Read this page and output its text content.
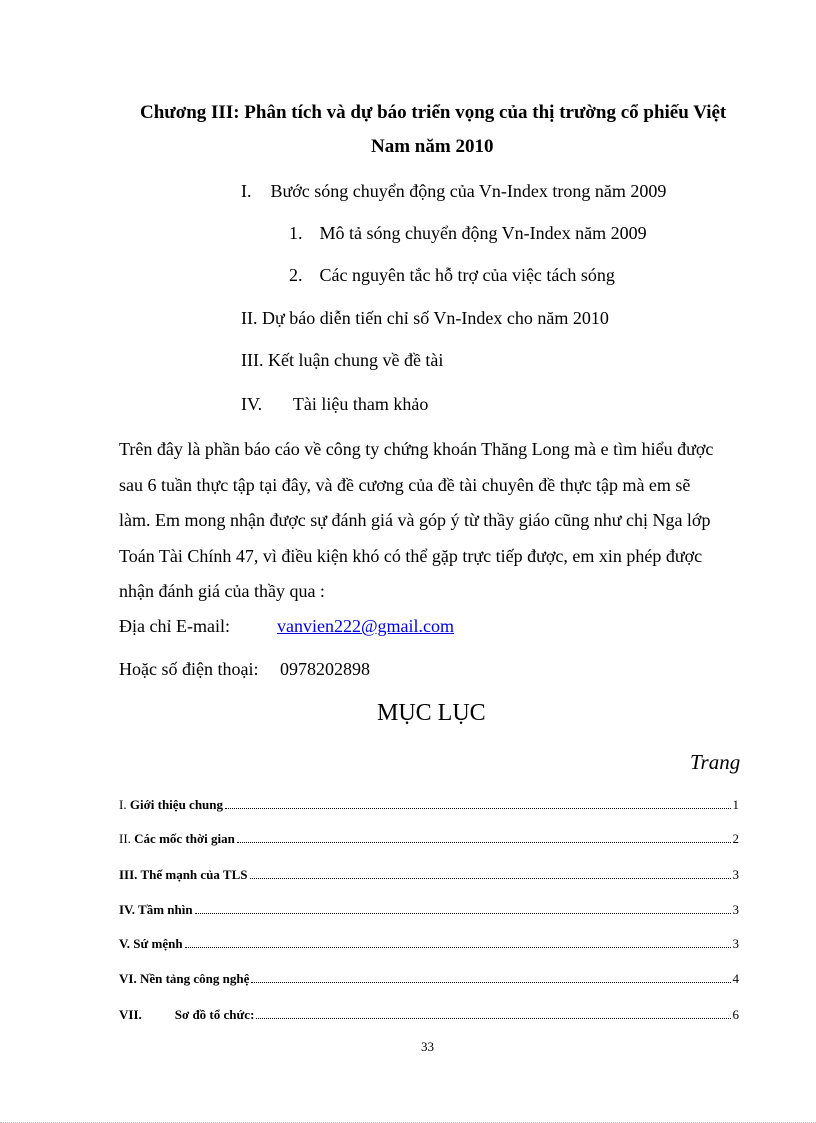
Chương III: Phân tích và dự báo triển vọng của thị trường cổ phiếu Việt
Nam năm 2010
I. Bước sóng chuyển động của Vn-Index trong năm 2009
1. Mô tả sóng chuyển động Vn-Index năm 2009
2. Các nguyên tắc hỗ trợ của việc tách sóng
II. Dự báo diễn tiến chỉ số Vn-Index cho năm 2010
III. Kết luận chung về đề tài
IV. Tài liệu tham khảo
Trên đây là phần báo cáo về công ty chứng khoán Thăng Long mà e tìm hiểu được
sau 6 tuần thực tập tại đây, và đề cương của đề tài chuyên đề thực tập mà em sẽ
làm. Em mong nhận được sự đánh giá và góp ý từ thầy giáo cũng như chị Nga lớp
Toán Tài Chính 47, vì điều kiện khó có thể gặp trực tiếp được, em xin phép được
nhận đánh giá của thầy qua :
Địa chỉ E-mail:	vanvien222@gmail.com
Hoặc số điện thoại: 0978202898
MỤC LỤC
Trang
I. Giới thiệu chung	1
II. Các mốc thời gian	2
III. Thế mạnh của TLS	3
IV. Tầm nhìn	3
V. Sứ mệnh	3
VI. Nền tảng công nghệ	4
VII.	Sơ đồ tổ chức:	6
33
